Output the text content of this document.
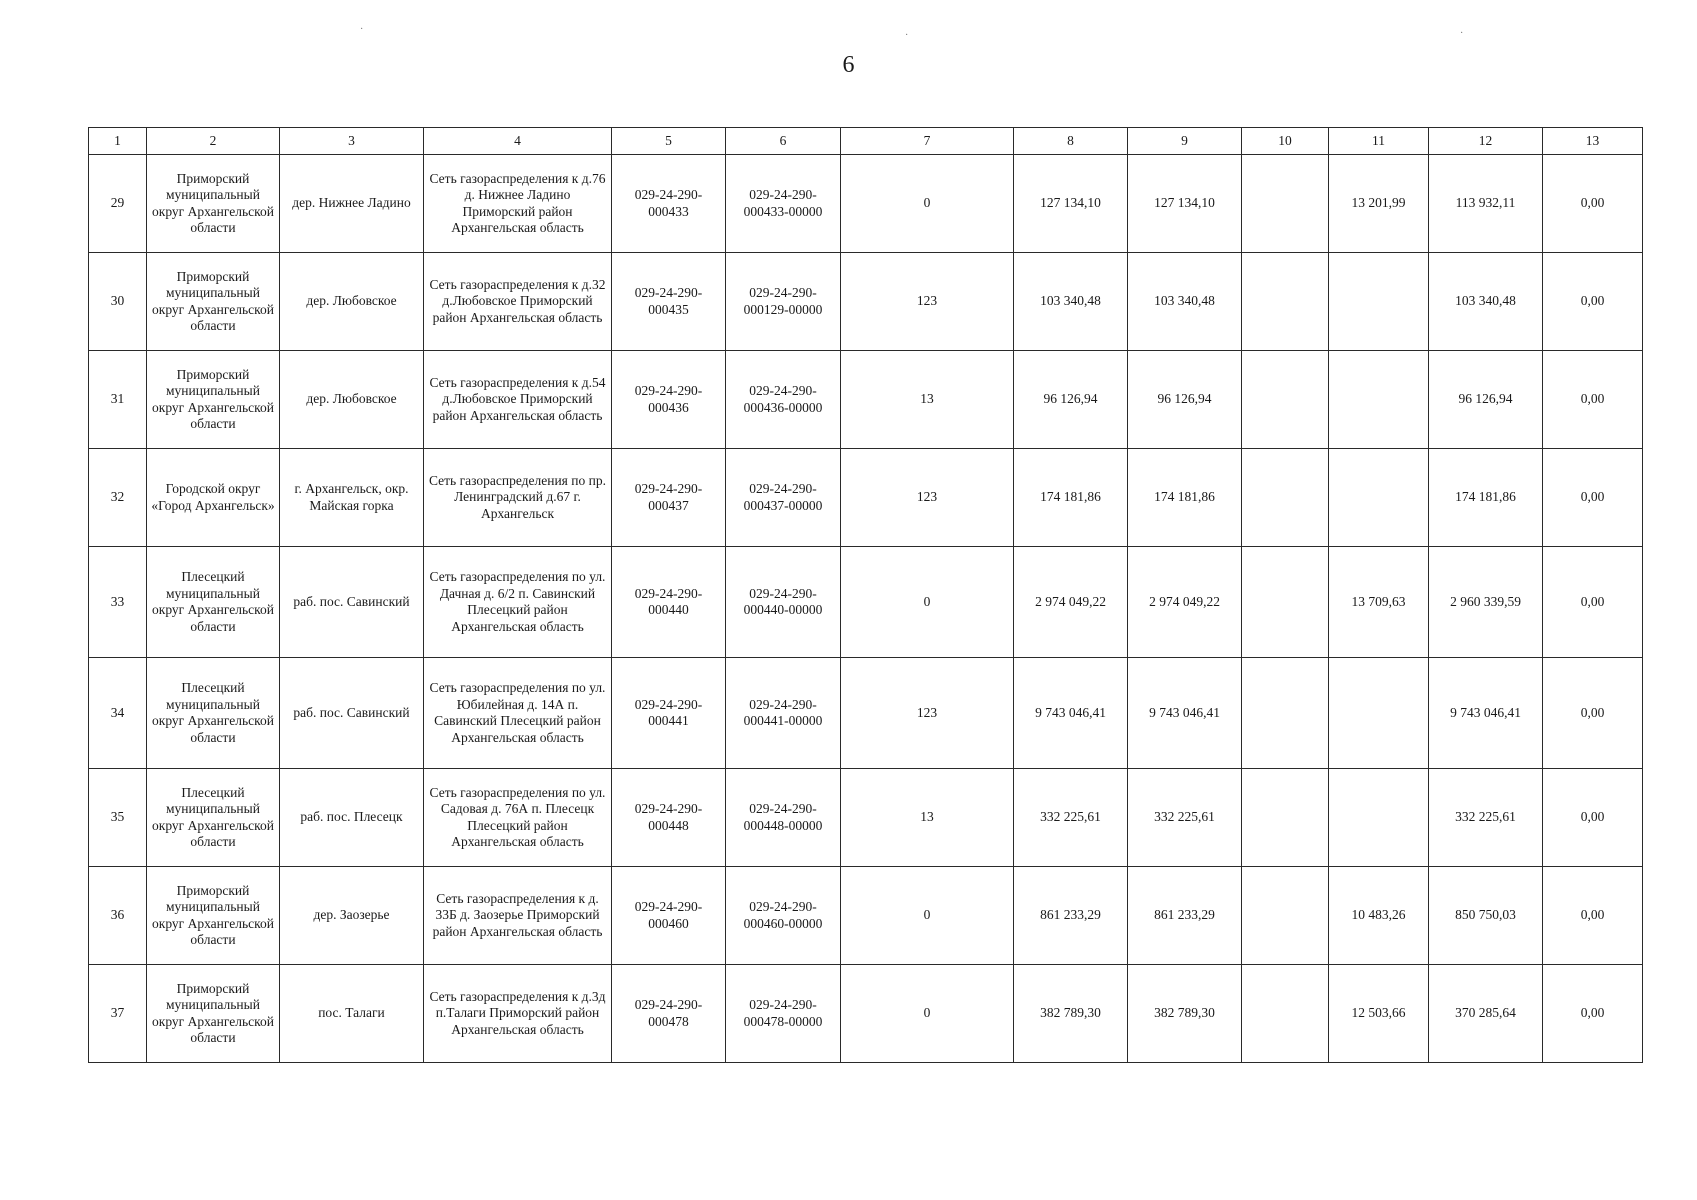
6
1	2	3	4	5	6	7	8	9	10	11	12	13
29	Приморский муниципальный округ Архангельской области	дер. Нижнее Ладино	Сеть газораспределения к д.76 д. Нижнее Ладино Приморский район Архангельская область	029-24-290-000433	029-24-290-000433-00000	0	127 134,10	127 134,10		13 201,99	113 932,11	0,00
30	Приморский муниципальный округ Архангельской области	дер. Любовское	Сеть газораспределения к д.32 д.Любовское Приморский район Архангельская область	029-24-290-000435	029-24-290-000129-00000	123	103 340,48	103 340,48			103 340,48	0,00
31	Приморский муниципальный округ Архангельской области	дер. Любовское	Сеть газораспределения к д.54 д.Любовское Приморский район Архангельская область	029-24-290-000436	029-24-290-000436-00000	13	96 126,94	96 126,94			96 126,94	0,00
32	Городской округ «Город Архангельск»	г. Архангельск, окр. Майская горка	Сеть газораспределения по пр. Ленинградский д.67 г. Архангельск	029-24-290-000437	029-24-290-000437-00000	123	174 181,86	174 181,86			174 181,86	0,00
33	Плесецкий муниципальный округ Архангельской области	раб. пос. Савинский	Сеть газораспределения по ул. Дачная д. 6/2 п. Савинский Плесецкий район Архангельская область	029-24-290-000440	029-24-290-000440-00000	0	2 974 049,22	2 974 049,22		13 709,63	2 960 339,59	0,00
34	Плесецкий муниципальный округ Архангельской области	раб. пос. Савинский	Сеть газораспределения по ул. Юбилейная д. 14А п. Савинский Плесецкий район Архангельская область	029-24-290-000441	029-24-290-000441-00000	123	9 743 046,41	9 743 046,41			9 743 046,41	0,00
35	Плесецкий муниципальный округ Архангельской области	раб. пос. Плесецк	Сеть газораспределения по ул. Садовая д. 76А п. Плесецк Плесецкий район Архангельская область	029-24-290-000448	029-24-290-000448-00000	13	332 225,61	332 225,61			332 225,61	0,00
36	Приморский муниципальный округ Архангельской области	дер. Заозерье	Сеть газораспределения к д. 33Б д. Заозерье Приморский район Архангельская область	029-24-290-000460	029-24-290-000460-00000	0	861 233,29	861 233,29		10 483,26	850 750,03	0,00
37	Приморский муниципальный округ Архангельской области	пос. Талаги	Сеть газораспределения к д.3д п.Талаги Приморский район Архангельская область	029-24-290-000478	029-24-290-000478-00000	0	382 789,30	382 789,30		12 503,66	370 285,64	0,00
·
·	·
